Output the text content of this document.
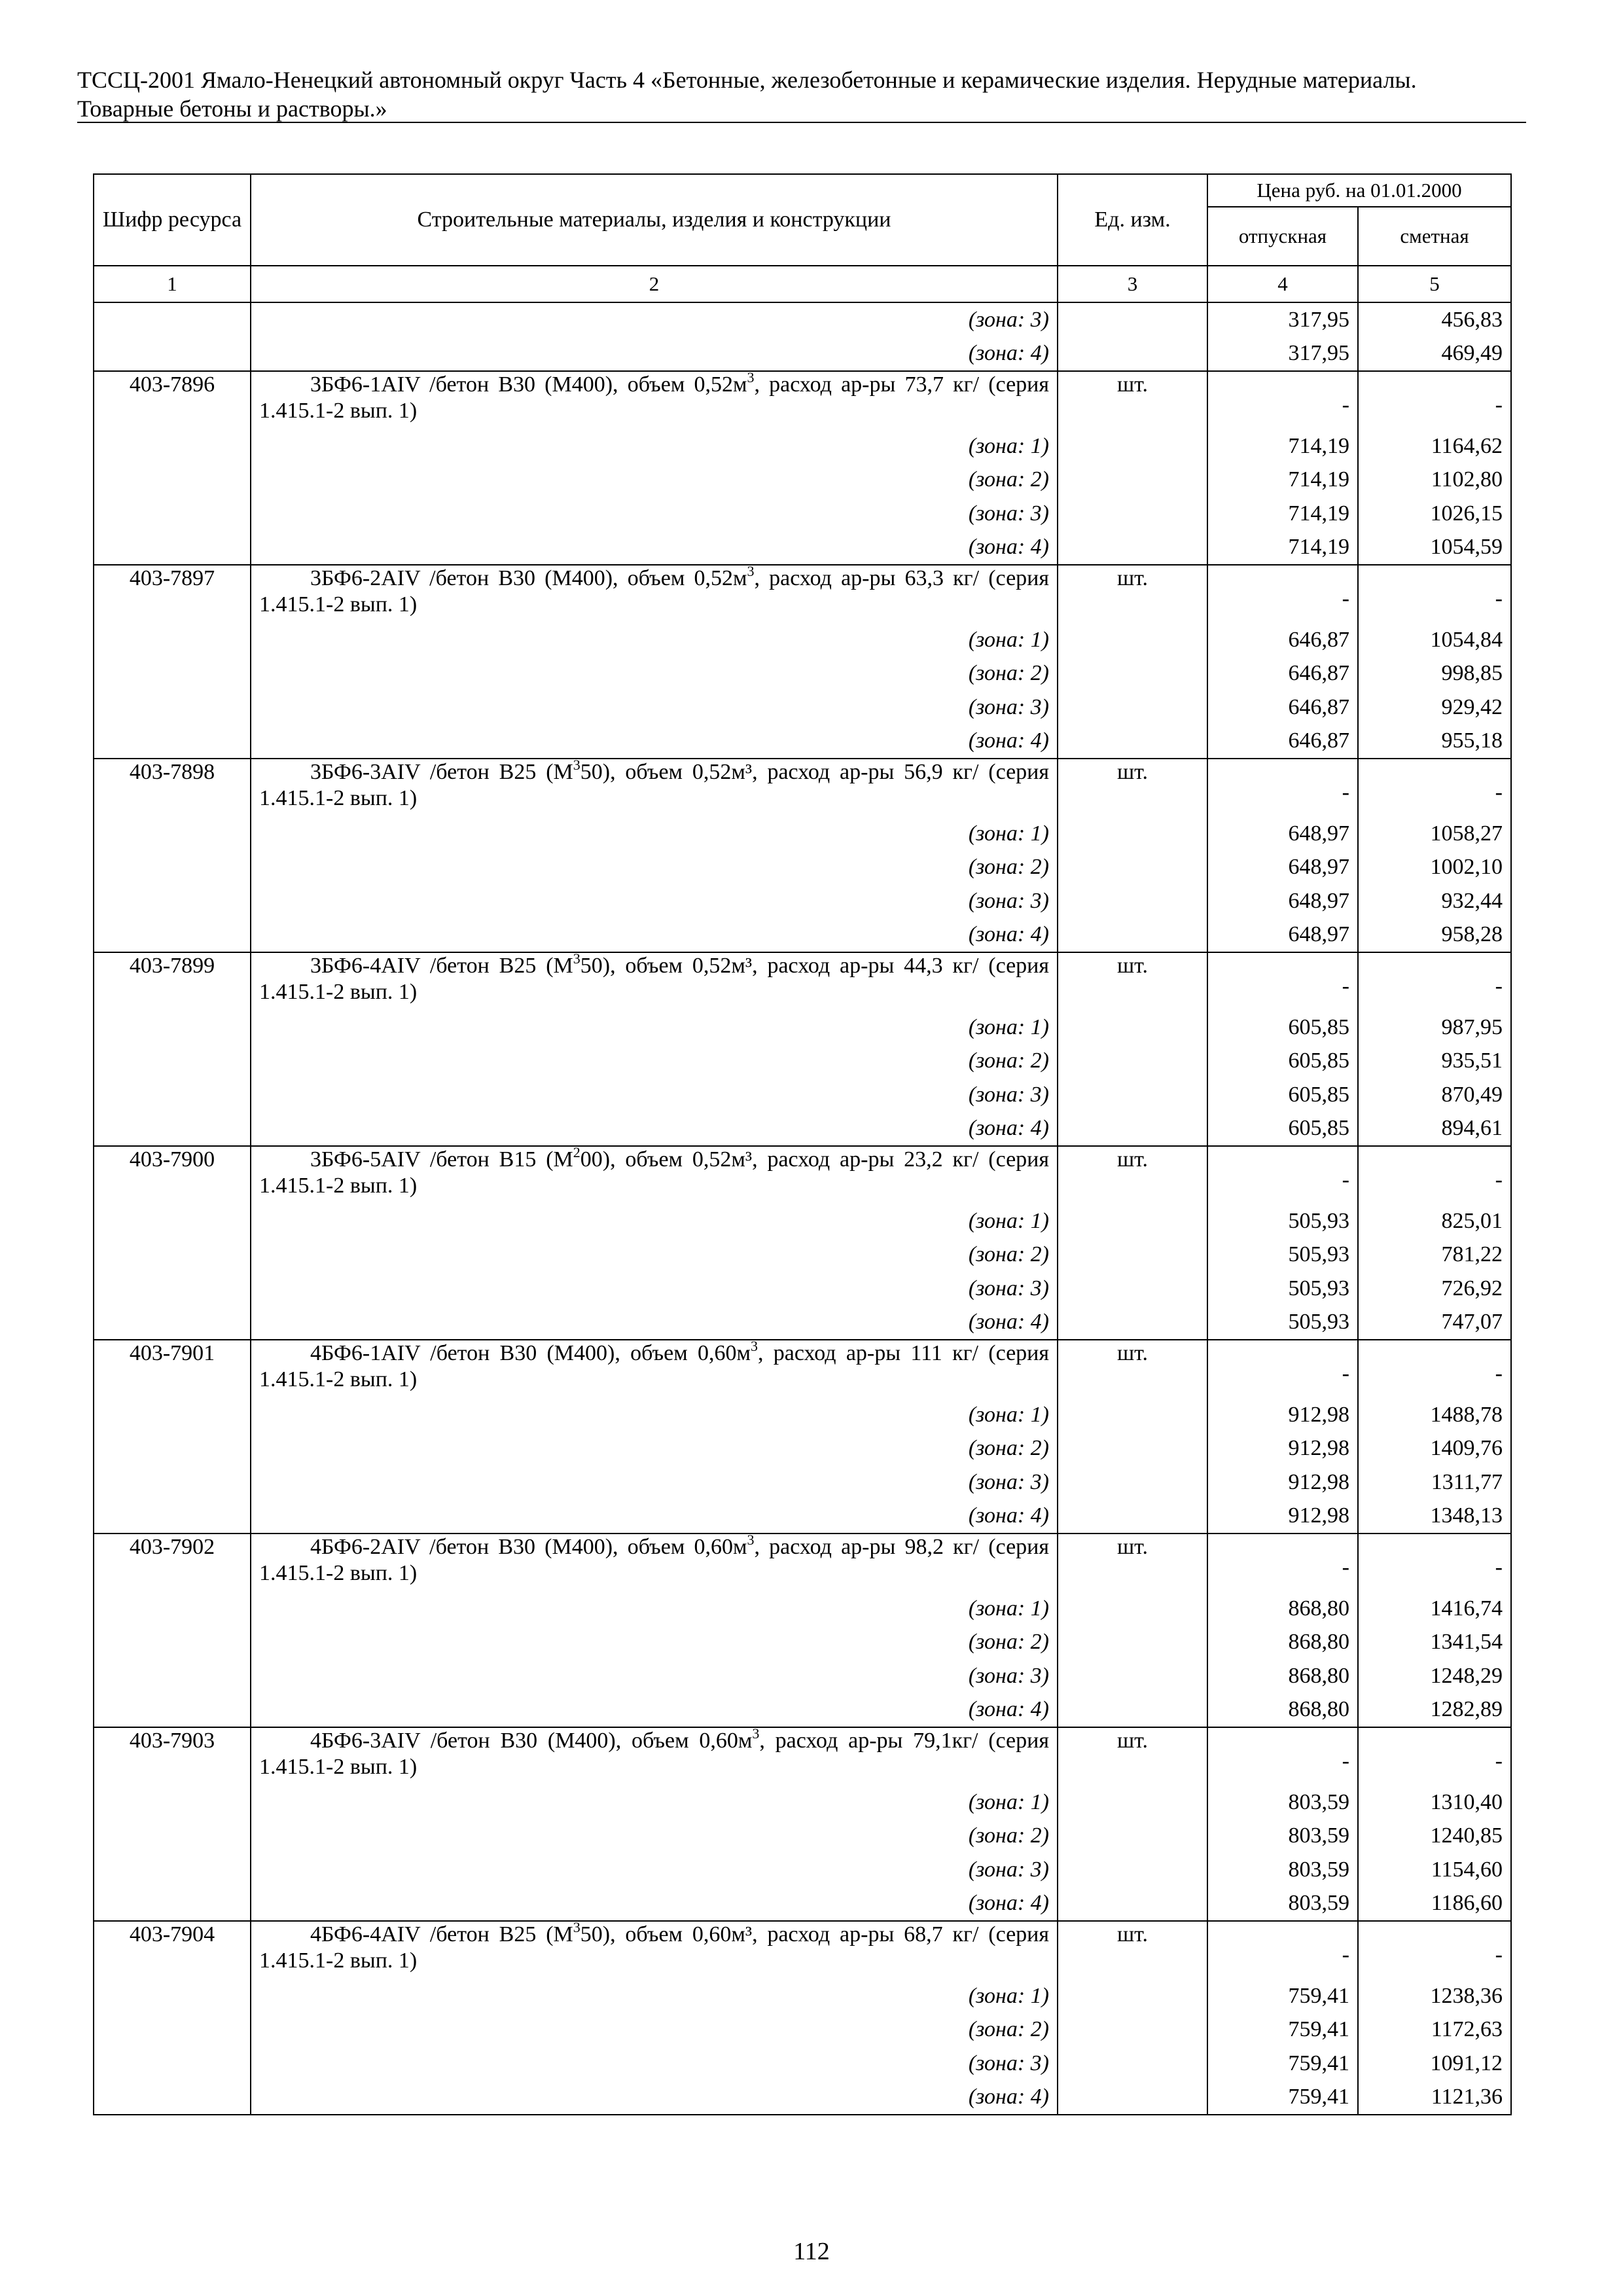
ТССЦ-2001 Ямало-Ненецкий автономный округ Часть 4 «Бетонные, железобетонные и керамические изделия. Нерудные материалы.
Товарные бетоны и растворы.»
Шифр ресурса	Строительные материалы, изделия и конструкции	Ед. изм.	Цена руб. на 01.01.2000	
			отпускная	сметная
1	2	3	4	5
	(зона: 3)		317,95	456,83
	(зона: 4)		317,95	469,49
403-7896	3БФ6-1АIV /бетон В30 (М400), объем $0,52м^3$, расход ар-ры 73,7 кг/ (серия 1.415.1-2 вып. 1)	шт.	-	-
	(зона: 1)		714,19	1164,62
	(зона: 2)		714,19	1102,80
	(зона: 3)		714,19	1026,15
	(зона: 4)		714,19	1054,59
403-7897	3БФ6-2АIV /бетон В30 (М400), объем $0,52м^3$, расход ар-ры 63,3 кг/ (серия 1.415.1-2 вып. 1)	шт.	-	-
	(зона: 1)		646,87	1054,84
	(зона: 2)		646,87	998,85
	(зона: 3)		646,87	929,42
	(зона: 4)		646,87	955,18
403-7898	3БФ6-3АIV /бетон В25 $(М^350)$, объем 0,52м³, расход ар-ры 56,9 кг/ (серия 1.415.1-2 вып. 1)	шт.	-	-
	(зона: 1)		648,97	1058,27
	(зона: 2)		648,97	1002,10
	(зона: 3)		648,97	932,44
	(зона: 4)		648,97	958,28
403-7899	3БФ6-4АIV /бетон В25 $(М^350)$, объем 0,52м³, расход ар-ры 44,3 кг/ (серия 1.415.1-2 вып. 1)	шт.	-	-
	(зона: 1)		605,85	987,95
	(зона: 2)		605,85	935,51
	(зона: 3)		605,85	870,49
	(зона: 4)		605,85	894,61
403-7900	3БФ6-5АIV /бетон В15 $(М^200)$, объем 0,52м³, расход ар-ры 23,2 кг/ (серия 1.415.1-2 вып. 1)	шт.	-	-
	(зона: 1)		505,93	825,01
	(зона: 2)		505,93	781,22
	(зона: 3)		505,93	726,92
	(зона: 4)		505,93	747,07
403-7901	4БФ6-1АIV /бетон В30 (М400), объем $0,60м^3$, расход ар-ры 111 кг/ (серия 1.415.1-2 вып. 1)	шт.	-	-
	(зона: 1)		912,98	1488,78
	(зона: 2)		912,98	1409,76
	(зона: 3)		912,98	1311,77
	(зона: 4)		912,98	1348,13
403-7902	4БФ6-2АIV /бетон В30 (М400), объем $0,60м^3$, расход ар-ры 98,2 кг/ (серия 1.415.1-2 вып. 1)	шт.	-	-
	(зона: 1)		868,80	1416,74
	(зона: 2)		868,80	1341,54
	(зона: 3)		868,80	1248,29
	(зона: 4)		868,80	1282,89
403-7903	4БФ6-3АIV /бетон В30 (М400), объем $0,60м^3$, расход ар-ры 79,1кг/ (серия 1.415.1-2 вып. 1)	шт.	-	-
	(зона: 1)		803,59	1310,40
	(зона: 2)		803,59	1240,85
	(зона: 3)		803,59	1154,60
	(зона: 4)		803,59	1186,60
403-7904	4БФ6-4АIV /бетон В25 $(М^350)$, объем 0,60м³, расход ар-ры 68,7 кг/ (серия 1.415.1-2 вып. 1)	шт.	-	-
	(зона: 1)		759,41	1238,36
	(зона: 2)		759,41	1172,63
	(зона: 3)		759,41	1091,12
	(зона: 4)		759,41	1121,36
112
